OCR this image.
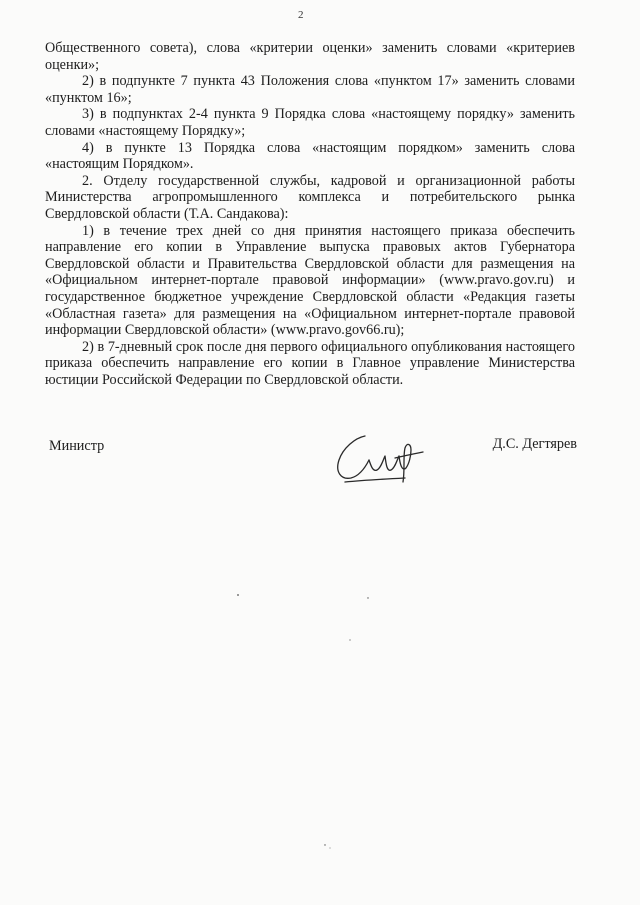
2

Общественного совета), слова «критерии оценки» заменить словами «критериев оценки»;

2) в подпункте 7 пункта 43 Положения слова «пунктом 17» заменить словами «пунктом 16»;

3) в подпунктах 2-4 пункта 9 Порядка слова «настоящему порядку» заменить словами «настоящему Порядку»;

4) в пункте 13 Порядка слова «настоящим порядком» заменить слова «настоящим Порядком».

2. Отделу государственной службы, кадровой и организационной работы Министерства агропромышленного комплекса и потребительского рынка Свердловской области (Т.А. Сандакова):

1) в течение трех дней со дня принятия настоящего приказа обеспечить направление его копии в Управление выпуска правовых актов Губернатора Свердловской области и Правительства Свердловской области для размещения на «Официальном интернет-портале правовой информации» (www.pravo.gov.ru) и государственное бюджетное учреждение Свердловской области «Редакция газеты «Областная газета» для размещения на «Официальном интернет-портале правовой информации Свердловской области» (www.pravo.gov66.ru);

2) в 7-дневный срок после дня первого официального опубликования настоящего приказа обеспечить направление его копии в Главное управление Министерства юстиции Российской Федерации по Свердловской области.

Министр	Д.С. Дегтярев
